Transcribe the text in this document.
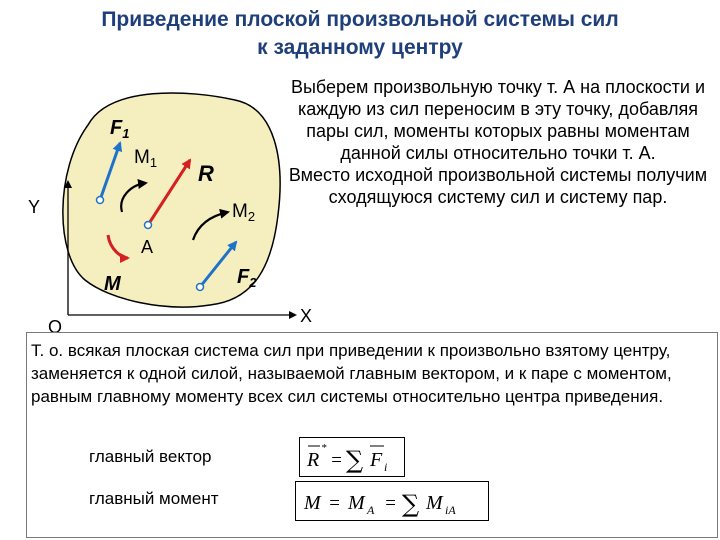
Приведение плоской произвольной системы сил
к заданному центру
Y
X
O
$F_1$
$M_1$ R
$M_2$
A
M	$F_2$

Выберем произвольную точку т. А на плоскости и каждую из сил переносим в эту точку, добавляя пары сил, моменты которых равны моментам данной силы относительно точки т. А.

Вместо исходной произвольной системы получим сходящуюся систему сил и систему пар.

Т. о. всякая плоская система сил при приведении к произвольно взятому центру, заменяется к одной силой, называемой главным вектором, и к паре с моментом, равным главному моменту всех сил системы относительно центра приведения.
главный вектор
главный момент
R
*
= ∑ F i
M = M A = ∑ M iA
